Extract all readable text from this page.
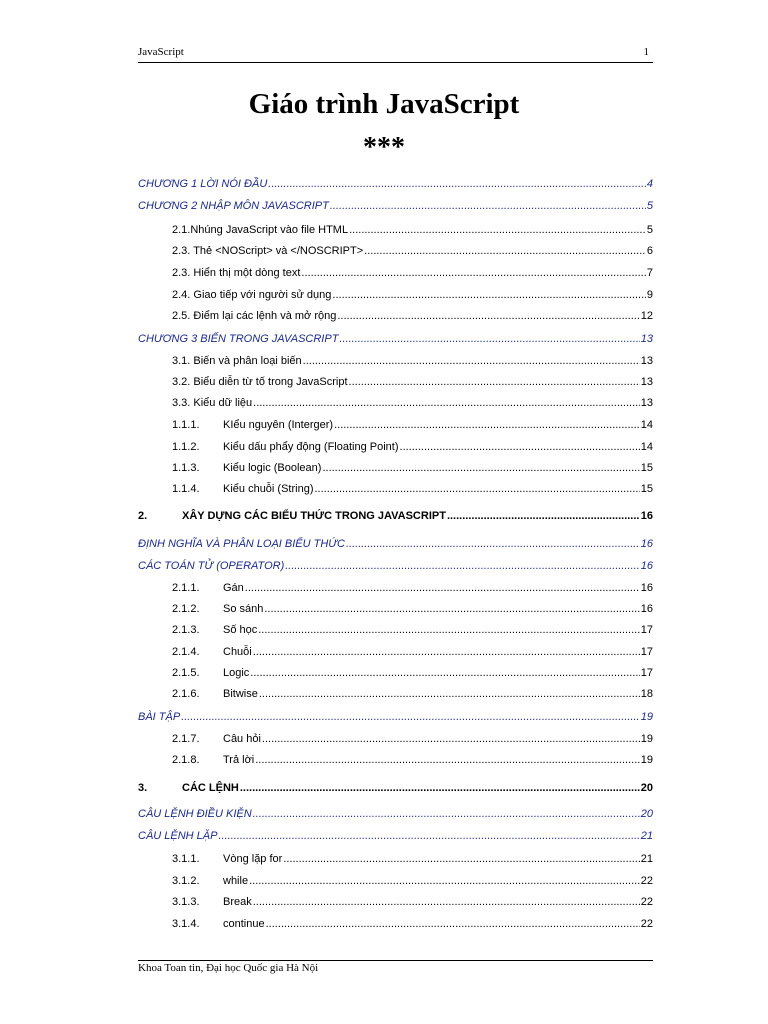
JavaScript	1
Giáo trình JavaScript
***
CHƯƠNG 1 LỜI NÓI ĐẦU .....	4
CHƯƠNG 2 NHẬP MÔN JAVASCRIPT .....	5
2.1.Nhúng JavaScript vào file HTML .....	5
2.3. Thẻ <NOScript> và </NOSCRIPT> .....	6
2.3. Hiển thị một dòng text .....	7
2.4. Giao tiếp với người sử dụng .....	9
2.5. Điểm lại các lệnh và mở rộng .....	12
CHƯƠNG 3 BIẾN TRONG JAVASCRIPT .....	13
3.1. Biến và phân loại biến .....	13
3.2. Biểu diễn từ tố trong JavaScript .....	13
3.3. Kiểu dữ liệu .....	13
1.1.1.	KIểu nguyên (Interger) .....	14
1.1.2.	Kiểu dấu phẩy động (Floating Point) .....	14
1.1.3.	Kiểu logic (Boolean) .....	15
1.1.4.	Kiểu chuỗi (String) .....	15
2.	XÂY DỰNG CÁC BIỂU THỨC TRONG JAVASCRIPT .....	16
ĐỊNH NGHĨA VÀ PHÂN LOẠI BIỂU THỨC .....	16
CÁC TOÁN TỬ (OPERATOR) .....	16
2.1.1.	Gán .....	16
2.1.2.	So sánh .....	16
2.1.3.	Số học .....	17
2.1.4.	Chuỗi .....	17
2.1.5.	Logic .....	17
2.1.6.	Bitwise .....	18
BÀI TẬP .....	19
2.1.7.	Câu hỏi .....	19
2.1.8.	Trả lời .....	19
3.	CÁC LỆNH .....	20
CÂU LỆNH ĐIỀU KIỆN .....	20
CÂU LỆNH LẶP .....	21
3.1.1.	Vòng lặp for .....	21
3.1.2.	while .....	22
3.1.3.	Break .....	22
3.1.4.	continue .....	22
Khoa Toan tin, Đại học Quốc gia Hà Nội
